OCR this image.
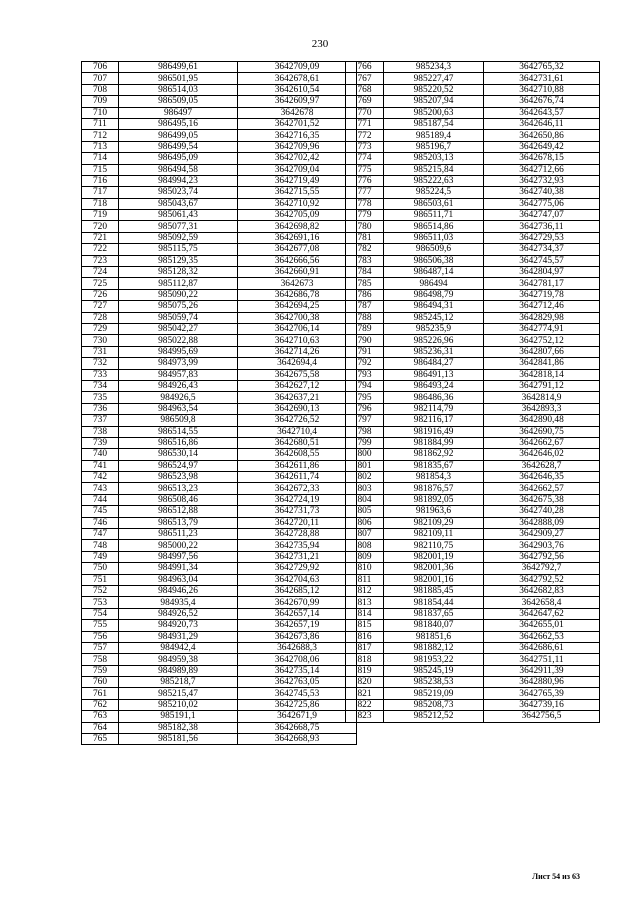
230
706	986499,61	3642709,09
707	986501,95	3642678,61
708	986514,03	3642610,54
709	986509,05	3642609,97
710	986497	3642678
711	986495,16	3642701,52
712	986499,05	3642716,35
713	986499,54	3642709,96
714	986495,09	3642702,42
715	986494,58	3642709,04
716	984994,23	3642719,49
717	985023,74	3642715,55
718	985043,67	3642710,92
719	985061,43	3642705,09
720	985077,31	3642698,82
721	985092,59	3642691,16
722	985115,75	3642677,08
723	985129,35	3642666,56
724	985128,32	3642660,91
725	985112,87	3642673
726	985090,22	3642686,78
727	985075,26	3642694,25
728	985059,74	3642700,38
729	985042,27	3642706,14
730	985022,88	3642710,63
731	984995,69	3642714,26
732	984973,99	3642694,4
733	984957,83	3642675,58
734	984926,43	3642627,12
735	984926,5	3642637,21
736	984963,54	3642690,13
737	986509,8	3642726,52
738	986514,55	3642710,4
739	986516,86	3642680,51
740	986530,14	3642608,55
741	986524,97	3642611,86
742	986523,98	3642611,74
743	986513,23	3642672,33
744	986508,46	3642724,19
745	986512,88	3642731,73
746	986513,79	3642720,11
747	986511,23	3642728,88
748	985000,22	3642735,94
749	984997,56	3642731,21
750	984991,34	3642729,92
751	984963,04	3642704,63
752	984946,26	3642685,12
753	984935,4	3642670,99
754	984926,52	3642657,14
755	984920,73	3642657,19
756	984931,29	3642673,86
757	984942,4	3642688,3
758	984959,38	3642708,06
759	984989,89	3642735,14
760	985218,7	3642763,05
761	985215,47	3642745,53
762	985210,02	3642725,86
763	985191,1	3642671,9
764	985182,38	3642668,75
765	985181,56	3642668,93
766	985234,3	3642765,32
767	985227,47	3642731,61
768	985220,52	3642710,88
769	985207,94	3642676,74
770	985200,63	3642643,57
771	985187,54	3642646,11
772	985189,4	3642650,86
773	985196,7	3642649,42
774	985203,13	3642678,15
775	985215,84	3642712,66
776	985222,63	3642732,93
777	985224,5	3642740,38
778	986503,61	3642775,06
779	986511,71	3642747,07
780	986514,86	3642736,11
781	986511,03	3642729,53
782	986509,6	3642734,37
783	986506,38	3642745,57
784	986487,14	3642804,97
785	986494	3642781,17
786	986498,79	3642719,78
787	986494,31	3642712,46
788	985245,12	3642829,98
789	985235,9	3642774,91
790	985226,96	3642752,12
791	985236,31	3642807,66
792	986484,27	3642841,86
793	986491,13	3642818,14
794	986493,24	3642791,12
795	986486,36	3642814,9
796	982114,79	3642893,3
797	982116,17	3642890,48
798	981916,49	3642690,75
799	981884,99	3642662,67
800	981862,92	3642646,02
801	981835,67	3642628,7
802	981854,3	3642646,35
803	981876,57	3642662,57
804	981892,05	3642675,38
805	981963,6	3642740,28
806	982109,29	3642888,09
807	982109,11	3642909,27
808	982110,75	3642903,76
809	982001,19	3642792,56
810	982001,36	3642792,7
811	982001,16	3642792,52
812	981885,45	3642682,83
813	981854,44	3642658,4
814	981837,65	3642647,62
815	981840,07	3642655,01
816	981851,6	3642662,53
817	981882,12	3642686,61
818	981953,22	3642751,11
819	985245,19	3642911,39
820	985238,53	3642880,96
821	985219,09	3642765,39
822	985208,73	3642739,16
823	985212,52	3642756,5
Лист 54 из 63
